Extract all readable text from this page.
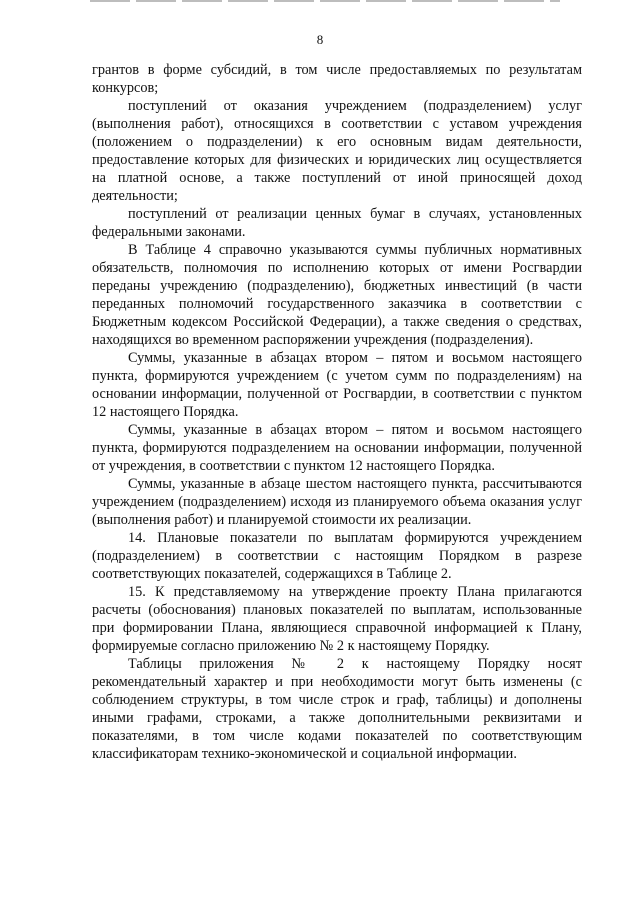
8

грантов в форме субсидий, в том числе предоставляемых по результатам конкурсов;

поступлений от оказания учреждением (подразделением) услуг (выполнения работ), относящихся в соответствии с уставом учреждения (положением о подразделении) к его основным видам деятельности, предоставление которых для физических и юридических лиц осуществляется на платной основе, а также поступлений от иной приносящей доход деятельности;

поступлений от реализации ценных бумаг в случаях, установленных федеральными законами.

В Таблице 4 справочно указываются суммы публичных нормативных обязательств, полномочия по исполнению которых от имени Росгвардии переданы учреждению (подразделению), бюджетных инвестиций (в части переданных полномочий государственного заказчика в соответствии с Бюджетным кодексом Российской Федерации), а также сведения о средствах, находящихся во временном распоряжении учреждения (подразделения).

Суммы, указанные в абзацах втором – пятом и восьмом настоящего пункта, формируются учреждением (с учетом сумм по подразделениям) на основании информации, полученной от Росгвардии, в соответствии с пунктом 12 настоящего Порядка.

Суммы, указанные в абзацах втором – пятом и восьмом настоящего пункта, формируются подразделением на основании информации, полученной от учреждения, в соответствии с пунктом 12 настоящего Порядка.

Суммы, указанные в абзаце шестом настоящего пункта, рассчитываются учреждением (подразделением) исходя из планируемого объема оказания услуг (выполнения работ) и планируемой стоимости их реализации.

14. Плановые показатели по выплатам формируются учреждением (подразделением) в соответствии с настоящим Порядком в разрезе соответствующих показателей, содержащихся в Таблице 2.

15. К представляемому на утверждение проекту Плана прилагаются расчеты (обоснования) плановых показателей по выплатам, использованные при формировании Плана, являющиеся справочной информацией к Плану, формируемые согласно приложению № 2 к настоящему Порядку.

Таблицы приложения № 2 к настоящему Порядку носят рекомендательный характер и при необходимости могут быть изменены (с соблюдением структуры, в том числе строк и граф, таблицы) и дополнены иными графами, строками, а также дополнительными реквизитами и показателями, в том числе кодами показателей по соответствующим классификаторам технико-экономической и социальной информации.
